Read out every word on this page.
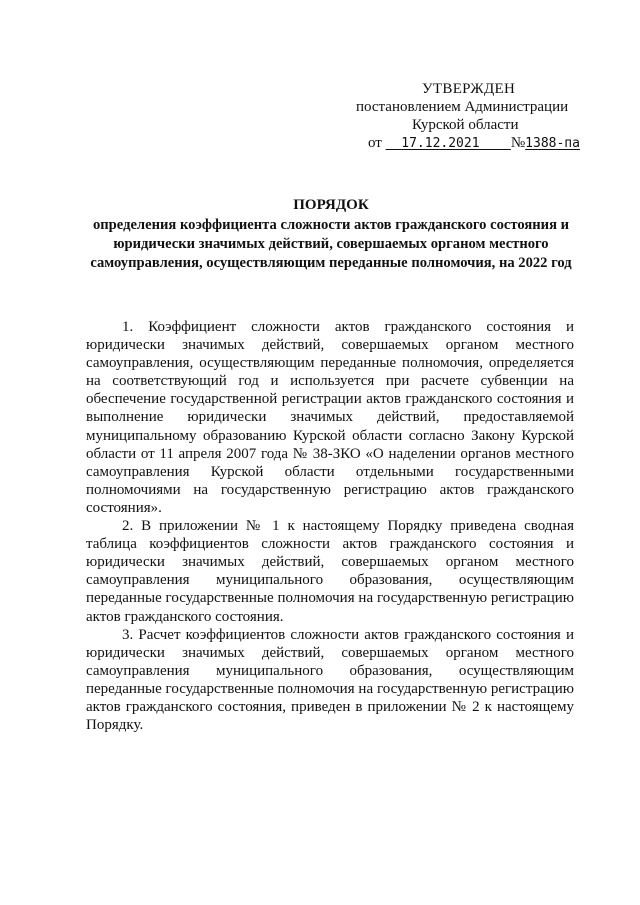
УТВЕРЖДЕН
постановлением Администрации
Курской области
от 17.12.2021 №1388-па
ПОРЯДОК
определения коэффициента сложности актов гражданского состояния и юридически значимых действий, совершаемых органом местного самоуправления, осуществляющим переданные полномочия, на 2022 год

1. Коэффициент сложности актов гражданского состояния и юридически значимых действий, совершаемых органом местного самоуправления, осуществляющим переданные полномочия, определяется на соответствующий год и используется при расчете субвенции на обеспечение государственной регистрации актов гражданского состояния и выполнение юридически значимых действий, предоставляемой муниципальному образованию Курской области согласно Закону Курской области от 11 апреля 2007 года № 38-ЗКО «О наделении органов местного самоуправления Курской области отдельными государственными полномочиями на государственную регистрацию актов гражданского состояния».

2. В приложении № 1 к настоящему Порядку приведена сводная таблица коэффициентов сложности актов гражданского состояния и юридически значимых действий, совершаемых органом местного самоуправления муниципального образования, осуществляющим переданные государственные полномочия на государственную регистрацию актов гражданского состояния.

3. Расчет коэффициентов сложности актов гражданского состояния и юридически значимых действий, совершаемых органом местного самоуправления муниципального образования, осуществляющим переданные государственные полномочия на государственную регистрацию актов гражданского состояния, приведен в приложении № 2 к настоящему Порядку.
